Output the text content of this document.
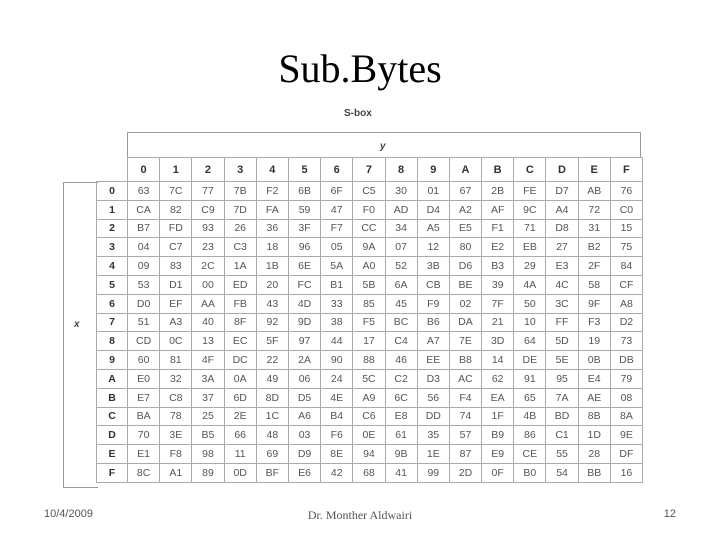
Sub.Bytes
S-box
y
x
	0	1	2	3	4	5	6	7	8	9	A	B	C	D	E	F
0	63	7C	77	7B	F2	6B	6F	C5	30	01	67	2B	FE	D7	AB	76
1	CA	82	C9	7D	FA	59	47	F0	AD	D4	A2	AF	9C	A4	72	C0
2	B7	FD	93	26	36	3F	F7	CC	34	A5	E5	F1	71	D8	31	15
3	04	C7	23	C3	18	96	05	9A	07	12	80	E2	EB	27	B2	75
4	09	83	2C	1A	1B	6E	5A	A0	52	3B	D6	B3	29	E3	2F	84
5	53	D1	00	ED	20	FC	B1	5B	6A	CB	BE	39	4A	4C	58	CF
6	D0	EF	AA	FB	43	4D	33	85	45	F9	02	7F	50	3C	9F	A8
7	51	A3	40	8F	92	9D	38	F5	BC	B6	DA	21	10	FF	F3	D2
8	CD	0C	13	EC	5F	97	44	17	C4	A7	7E	3D	64	5D	19	73
9	60	81	4F	DC	22	2A	90	88	46	EE	B8	14	DE	5E	0B	DB
A	E0	32	3A	0A	49	06	24	5C	C2	D3	AC	62	91	95	E4	79
B	E7	C8	37	6D	8D	D5	4E	A9	6C	56	F4	EA	65	7A	AE	08
C	BA	78	25	2E	1C	A6	B4	C6	E8	DD	74	1F	4B	BD	8B	8A
D	70	3E	B5	66	48	03	F6	0E	61	35	57	B9	86	C1	1D	9E
E	E1	F8	98	11	69	D9	8E	94	9B	1E	87	E9	CE	55	28	DF
F	8C	A1	89	0D	BF	E6	42	68	41	99	2D	0F	B0	54	BB	16
10/4/2009	Dr. Monther Aldwairi	12
